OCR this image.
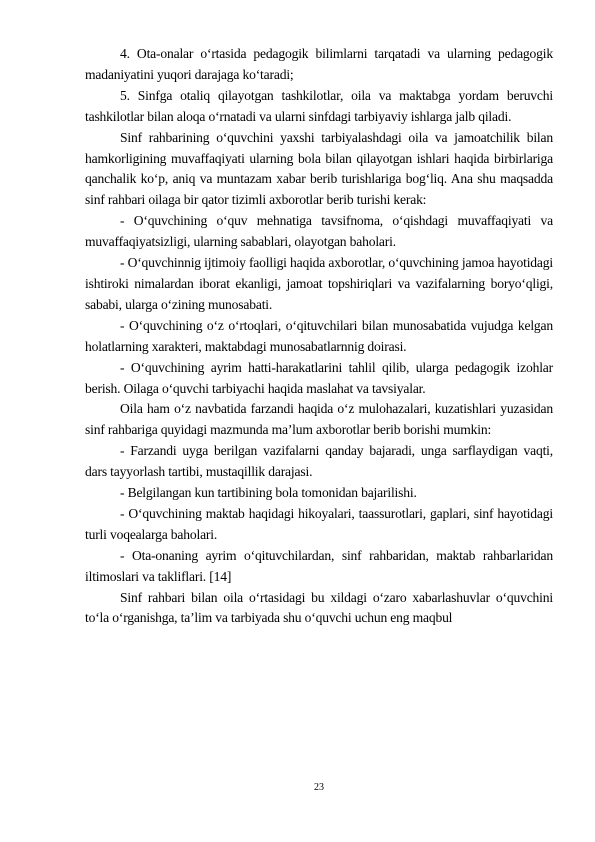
4. Ota-onalar o‘rtasida pedagogik bilimlarni tarqatadi va ularning pedagogik madaniyatini yuqori darajaga ko‘taradi;

5. Sinfga otaliq qilayotgan tashkilotlar, oila va maktabga yordam beruvchi tashkilotlar bilan aloqa o‘rnatadi va ularni sinfdagi tarbiyaviy ishlarga jalb qiladi.

Sinf rahbarining o‘quvchini yaxshi tarbiyalashdagi oila va jamoatchilik bilan hamkorligining muvaffaqiyati ularning bola bilan qilayotgan ishlari haqida birbirlariga qanchalik ko‘p, aniq va muntazam xabar berib turishlariga bog‘liq. Ana shu maqsadda sinf rahbari oilaga bir qator tizimli axborotlar berib turishi kerak:

- O‘quvchining o‘quv mehnatiga tavsifnoma, o‘qishdagi muvaffaqiyati va muvaffaqiyatsizligi, ularning sabablari, olayotgan baholari.

- O‘quvchinnig ijtimoiy faolligi haqida axborotlar, o‘quvchining jamoa hayotidagi ishtiroki nimalardan iborat ekanligi, jamoat topshiriqlari va vazifalarning boryo‘qligi, sababi, ularga o‘zining munosabati.

- O‘quvchining o‘z o‘rtoqlari, o‘qituvchilari bilan munosabatida vujudga kelgan holatlarning xarakteri, maktabdagi munosabatlarnnig doirasi.

- O‘quvchining ayrim hatti-harakatlarini tahlil qilib, ularga pedagogik izohlar berish. Oilaga o‘quvchi tarbiyachi haqida maslahat va tavsiyalar.

Oila ham o‘z navbatida farzandi haqida o‘z mulohazalari, kuzatishlari yuzasidan sinf rahbariga quyidagi mazmunda ma’lum axborotlar berib borishi mumkin:

- Farzandi uyga berilgan vazifalarni qanday bajaradi, unga sarflaydigan vaqti, dars tayyorlash tartibi, mustaqillik darajasi.

- Belgilangan kun tartibining bola tomonidan bajarilishi.

- O‘quvchining maktab haqidagi hikoyalari, taassurotlari, gaplari, sinf hayotidagi turli voqealarga baholari.

- Ota-onaning ayrim o‘qituvchilardan, sinf rahbaridan, maktab rahbarlaridan iltimoslari va takliflari. [14]

Sinf rahbari bilan oila o‘rtasidagi bu xildagi o‘zaro xabarlashuvlar o‘quvchini to‘la o‘rganishga, ta’lim va tarbiyada shu o‘quvchi uchun eng maqbul

23
